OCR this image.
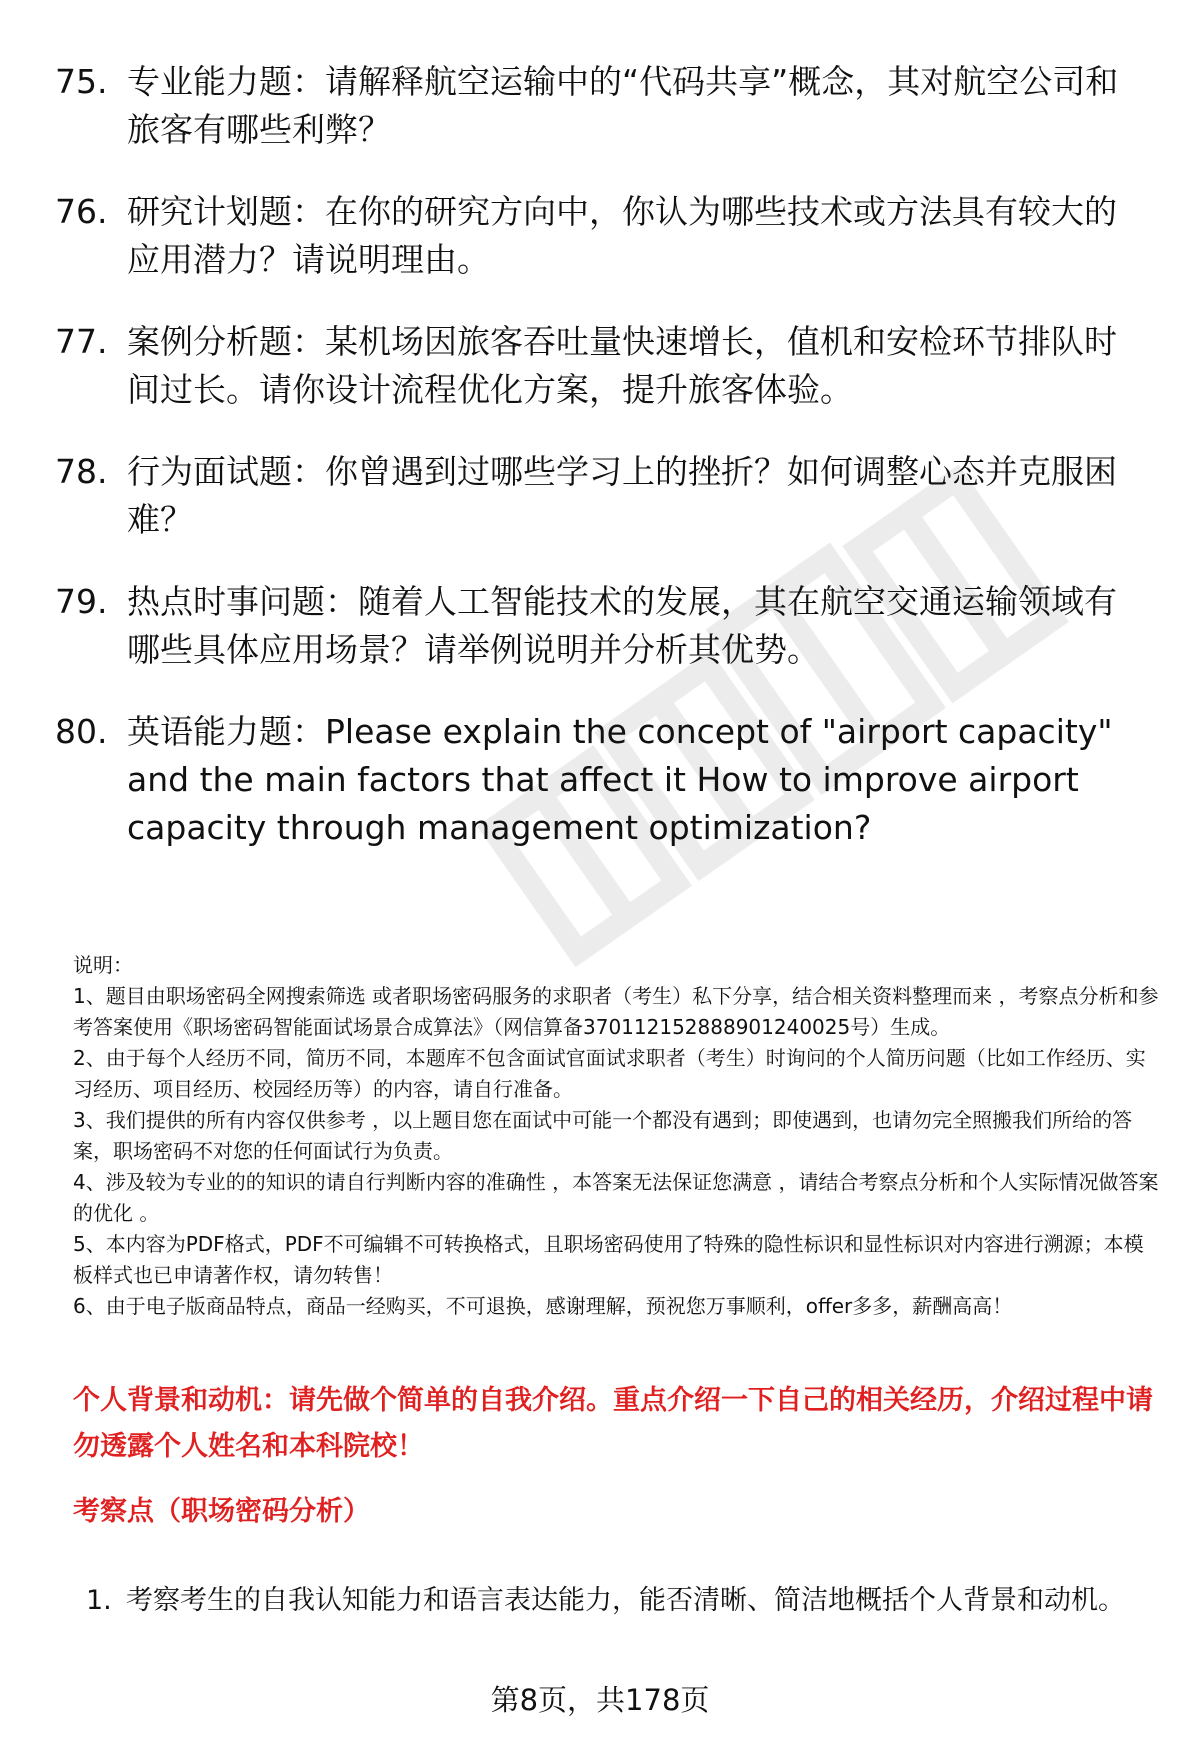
75. 专业能力题：请解释航空运输中的“代码共享”概念，其对航空公司和旅客有哪些利弊？
76. 研究计划题：在你的研究方向中，你认为哪些技术或方法具有较大的应用潜力？请说明理由。
77. 案例分析题：某机场因旅客吞吐量快速增长，值机和安检环节排队时间过长。请你设计流程优化方案，提升旅客体验。
78. 行为面试题：你曾遇到过哪些学习上的挫折？如何调整心态并克服困难？
79. 热点时事问题：随着人工智能技术的发展，其在航空交通运输领域有哪些具体应用场景？请举例说明并分析其优势。
80. 英语能力题：Please explain the concept of "airport capacity" and the main factors that affect it How to improve airport capacity through management optimization?

说明：

1、题目由职场密码全网搜索筛选 或者职场密码服务的求职者（考生）私下分享，结合相关资料整理而来 ，考察点分析和参考答案使用《职场密码智能面试场景合成算法》（网信算备370112152888901240025号）生成。

2、由于每个人经历不同，简历不同，本题库不包含面试官面试求职者（考生）时询问的个人简历问题（比如工作经历、实习经历、项目经历、校园经历等）的内容，请自行准备。

3、我们提供的所有内容仅供参考 ，以上题目您在面试中可能一个都没有遇到；即使遇到，也请勿完全照搬我们所给的答案，职场密码不对您的任何面试行为负责。

4、涉及较为专业的的知识的请自行判断内容的准确性 ，本答案无法保证您满意 ，请结合考察点分析和个人实际情况做答案的优化 。

5、本内容为PDF格式，PDF不可编辑不可转换格式，且职场密码使用了特殊的隐性标识和显性标识对内容进行溯源；本模板样式也已申请著作权，请勿转售！

6、由于电子版商品特点，商品一经购买，不可退换，感谢理解，预祝您万事顺利，offer多多，薪酬高高！

个人背景和动机：请先做个简单的自我介绍。重点介绍一下自己的相关经历，介绍过程中请勿透露个人姓名和本科院校！
考察点（职场密码分析）
1. 考察考生的自我认知能力和语言表达能力，能否清晰、简洁地概括个人背景和动机。
第8页，共178页
